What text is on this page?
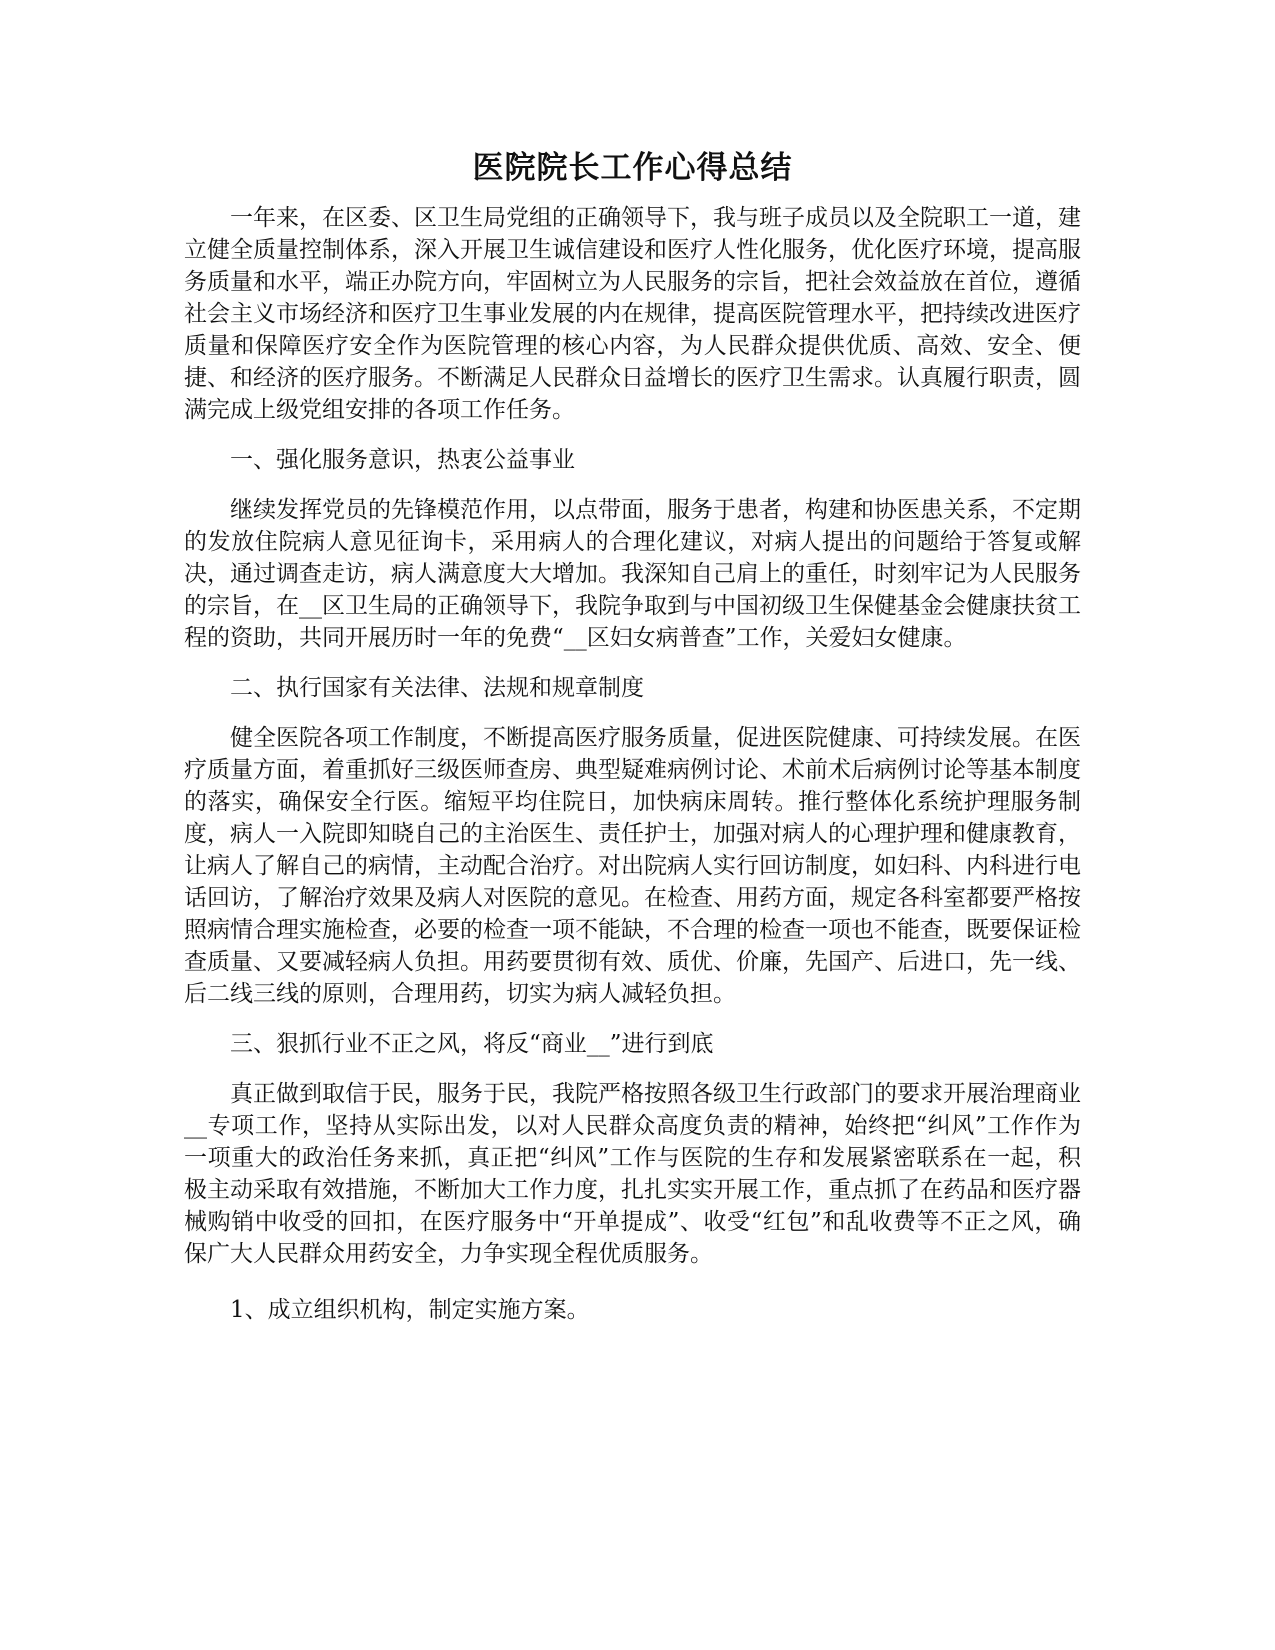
医院院长工作心得总结

一年来，在区委、区卫生局党组的正确领导下，我与班子成员以及全院职工一道，建立健全质量控制体系，深入开展卫生诚信建设和医疗人性化服务，优化医疗环境，提高服务质量和水平，端正办院方向，牢固树立为人民服务的宗旨，把社会效益放在首位，遵循社会主义市场经济和医疗卫生事业发展的内在规律，提高医院管理水平，把持续改进医疗质量和保障医疗安全作为医院管理的核心内容，为人民群众提供优质、高效、安全、便捷、和经济的医疗服务。不断满足人民群众日益增长的医疗卫生需求。认真履行职责，圆满完成上级党组安排的各项工作任务。

一、强化服务意识，热衷公益事业

继续发挥党员的先锋模范作用，以点带面，服务于患者，构建和协医患关系，不定期的发放住院病人意见征询卡，采用病人的合理化建议，对病人提出的问题给于答复或解决，通过调查走访，病人满意度大大增加。我深知自己肩上的重任，时刻牢记为人民服务的宗旨，在__区卫生局的正确领导下，我院争取到与中国初级卫生保健基金会健康扶贫工程的资助，共同开展历时一年的免费“__区妇女病普查”工作，关爱妇女健康。

二、执行国家有关法律、法规和规章制度

健全医院各项工作制度，不断提高医疗服务质量，促进医院健康、可持续发展。在医疗质量方面，着重抓好三级医师查房、典型疑难病例讨论、术前术后病例讨论等基本制度的落实，确保安全行医。缩短平均住院日，加快病床周转。推行整体化系统护理服务制度，病人一入院即知晓自己的主治医生、责任护士，加强对病人的心理护理和健康教育，让病人了解自己的病情，主动配合治疗。对出院病人实行回访制度，如妇科、内科进行电话回访，了解治疗效果及病人对医院的意见。在检查、用药方面，规定各科室都要严格按照病情合理实施检查，必要的检查一项不能缺，不合理的检查一项也不能查，既要保证检查质量、又要减轻病人负担。用药要贯彻有效、质优、价廉，先国产、后进口，先一线、后二线三线的原则，合理用药，切实为病人减轻负担。

三、狠抓行业不正之风，将反“商业__”进行到底

真正做到取信于民，服务于民，我院严格按照各级卫生行政部门的要求开展治理商业__专项工作，坚持从实际出发，以对人民群众高度负责的精神，始终把“纠风”工作作为一项重大的政治任务来抓，真正把“纠风”工作与医院的生存和发展紧密联系在一起，积极主动采取有效措施，不断加大工作力度，扎扎实实开展工作，重点抓了在药品和医疗器械购销中收受的回扣，在医疗服务中“开单提成”、收受“红包”和乱收费等不正之风，确保广大人民群众用药安全，力争实现全程优质服务。

1、成立组织机构，制定实施方案。
